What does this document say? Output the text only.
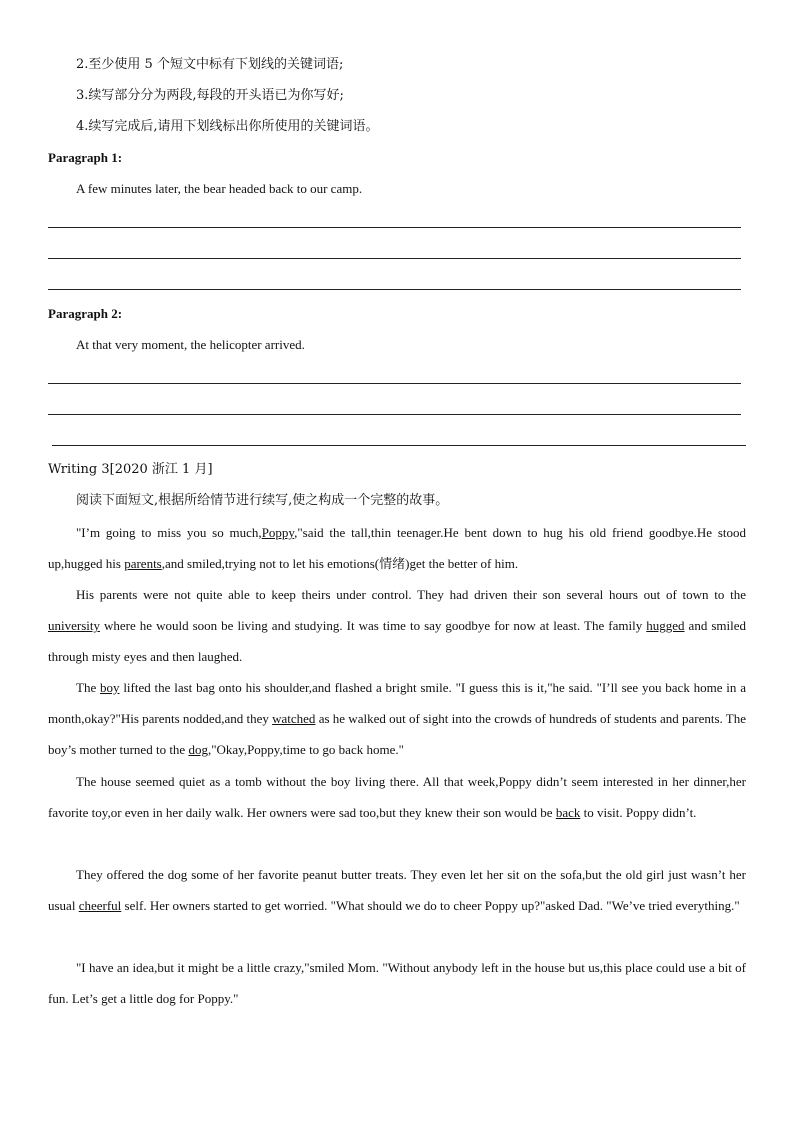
2.至少使用 5 个短文中标有下划线的关键词语;
3.续写部分分为两段,每段的开头语已为你写好;
4.续写完成后,请用下划线标出你所使用的关键词语。
Paragraph 1:
A few minutes later, the bear headed back to our camp.
Paragraph 2:
At that very moment, the helicopter arrived.
Writing 3[2020 浙江 1 月]
阅读下面短文,根据所给情节进行续写,使之构成一个完整的故事。
"I’m going to miss you so much,Poppy,"said the tall,thin teenager.He bent down to hug his old friend goodbye.He stood up,hugged his parents,and smiled,trying not to let his emotions(情绪)get the better of him.
His parents were not quite able to keep theirs under control. They had driven their son several hours out of town to the university where he would soon be living and studying. It was time to say goodbye for now at least. The family hugged and smiled through misty eyes and then laughed.
The boy lifted the last bag onto his shoulder,and flashed a bright smile. "I guess this is it,"he said. "I’ll see you back home in a month,okay?"His parents nodded,and they watched as he walked out of sight into the crowds of hundreds of students and parents. The boy’s mother turned to the dog,"Okay,Poppy,time to go back home."
The house seemed quiet as a tomb without the boy living there. All that week,Poppy didn’t seem interested in her dinner,her favorite toy,or even in her daily walk. Her owners were sad too,but they knew their son would be back to visit. Poppy didn’t.
They offered the dog some of her favorite peanut butter treats. They even let her sit on the sofa,but the old girl just wasn’t her usual cheerful self. Her owners started to get worried. "What should we do to cheer Poppy up?"asked Dad. "We’ve tried everything."
"I have an idea,but it might be a little crazy,"smiled Mom. "Without anybody left in the house but us,this place could use a bit of fun. Let’s get a little dog for Poppy."
